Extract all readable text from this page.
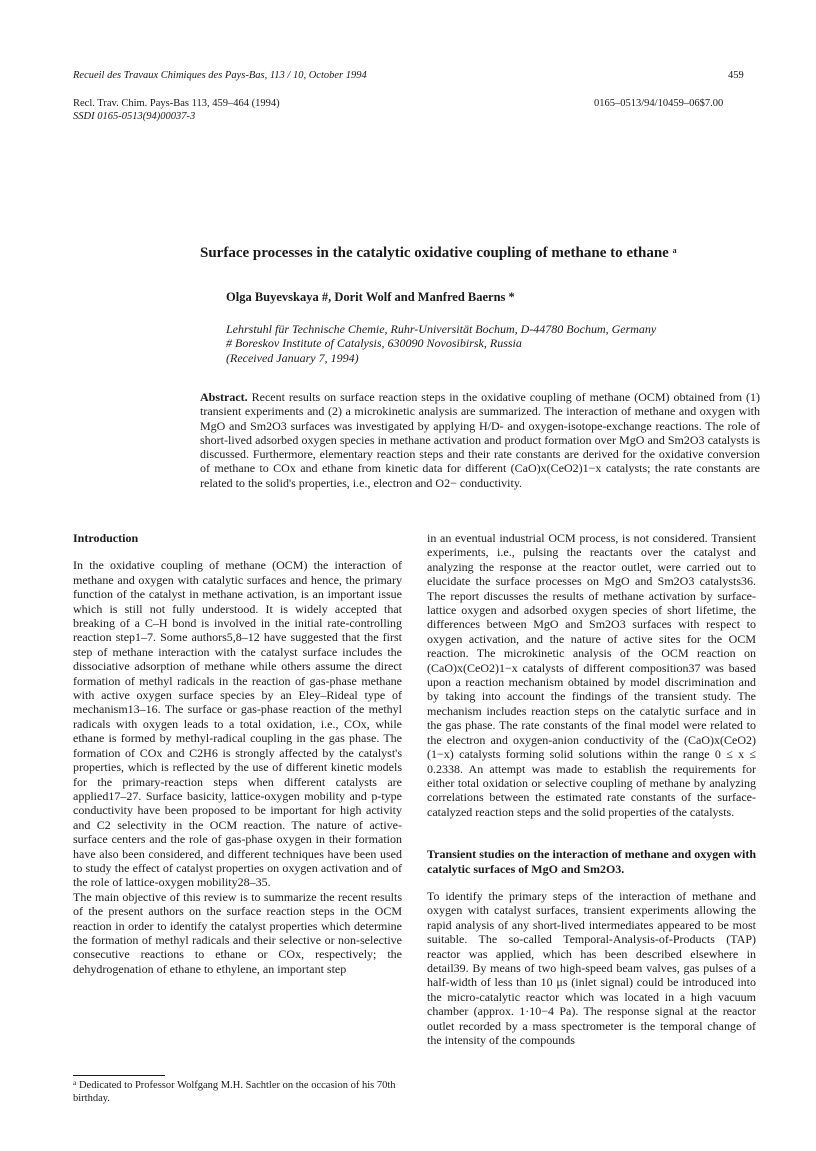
Recueil des Travaux Chimiques des Pays-Bas, 113 / 10, October 1994	459
Recl. Trav. Chim. Pays-Bas 113, 459–464 (1994)	0165–0513/94/10459–06$7.00
SSDI 0165-0513(94)00037-3
Surface processes in the catalytic oxidative coupling of methane to ethane $^a$
Olga Buyevskaya #, Dorit Wolf and Manfred Baerns *
Lehrstuhl für Technische Chemie, Ruhr-Universität Bochum, D-44780 Bochum, Germany
# Boreskov Institute of Catalysis, 630090 Novosibirsk, Russia
(Received January 7, 1994)
Abstract. Recent results on surface reaction steps in the oxidative coupling of methane (OCM) obtained from (1) transient experiments and (2) a microkinetic analysis are summarized. The interaction of methane and oxygen with MgO and Sm2O3 surfaces was investigated by applying H/D- and oxygen-isotope-exchange reactions. The role of short-lived adsorbed oxygen species in methane activation and product formation over MgO and Sm2O3 catalysts is discussed. Furthermore, elementary reaction steps and their rate constants are derived for the oxidative conversion of methane to COx and ethane from kinetic data for different (CaO)x(CeO2)1−x catalysts; the rate constants are related to the solid's properties, i.e., electron and O2− conductivity.
Introduction

In the oxidative coupling of methane (OCM) the interaction of methane and oxygen with catalytic surfaces and hence, the primary function of the catalyst in methane activation, is an important issue which is still not fully understood. It is widely accepted that breaking of a C–H bond is involved in the initial rate-controlling reaction step1–7. Some authors5,8–12 have suggested that the first step of methane interaction with the catalyst surface includes the dissociative adsorption of methane while others assume the direct formation of methyl radicals in the reaction of gas-phase methane with active oxygen surface species by an Eley–Rideal type of mechanism13–16. The surface or gas-phase reaction of the methyl radicals with oxygen leads to a total oxidation, i.e., COx, while ethane is formed by methyl-radical coupling in the gas phase. The formation of COx and C2H6 is strongly affected by the catalyst's properties, which is reflected by the use of different kinetic models for the primary-reaction steps when different catalysts are applied17–27. Surface basicity, lattice-oxygen mobility and p-type conductivity have been proposed to be important for high activity and C2 selectivity in the OCM reaction. The nature of active-surface centers and the role of gas-phase oxygen in their formation have also been considered, and different techniques have been used to study the effect of catalyst properties on oxygen activation and of the role of lattice-oxygen mobility28–35.

The main objective of this review is to summarize the recent results of the present authors on the surface reaction steps in the OCM reaction in order to identify the catalyst properties which determine the formation of methyl radicals and their selective or non-selective consecutive reactions to ethane or COx, respectively; the dehydrogenation of ethane to ethylene, an important step

$^a$ Dedicated to Professor Wolfgang M.H. Sachtler on the occasion of his 70th birthday.

in an eventual industrial OCM process, is not considered. Transient experiments, i.e., pulsing the reactants over the catalyst and analyzing the response at the reactor outlet, were carried out to elucidate the surface processes on MgO and Sm2O3 catalysts36. The report discusses the results of methane activation by surface-lattice oxygen and adsorbed oxygen species of short lifetime, the differences between MgO and Sm2O3 surfaces with respect to oxygen activation, and the nature of active sites for the OCM reaction. The microkinetic analysis of the OCM reaction on (CaO)x(CeO2)1−x catalysts of different composition37 was based upon a reaction mechanism obtained by model discrimination and by taking into account the findings of the transient study. The mechanism includes reaction steps on the catalytic surface and in the gas phase. The rate constants of the final model were related to the electron and oxygen-anion conductivity of the (CaO)x(CeO2)(1−x) catalysts forming solid solutions within the range 0 ≤ x ≤ 0.2338. An attempt was made to establish the requirements for either total oxidation or selective coupling of methane by analyzing correlations between the estimated rate constants of the surface-catalyzed reaction steps and the solid properties of the catalysts.

Transient studies on the interaction of methane and oxygen with catalytic surfaces of MgO and Sm2O3.

To identify the primary steps of the interaction of methane and oxygen with catalyst surfaces, transient experiments allowing the rapid analysis of any short-lived intermediates appeared to be most suitable. The so-called Temporal-Analysis-of-Products (TAP) reactor was applied, which has been described elsewhere in detail39. By means of two high-speed beam valves, gas pulses of a half-width of less than 10 μs (inlet signal) could be introduced into the micro-catalytic reactor which was located in a high vacuum chamber (approx. 1·10−4 Pa). The response signal at the reactor outlet recorded by a mass spectrometer is the temporal change of the intensity of the compounds
